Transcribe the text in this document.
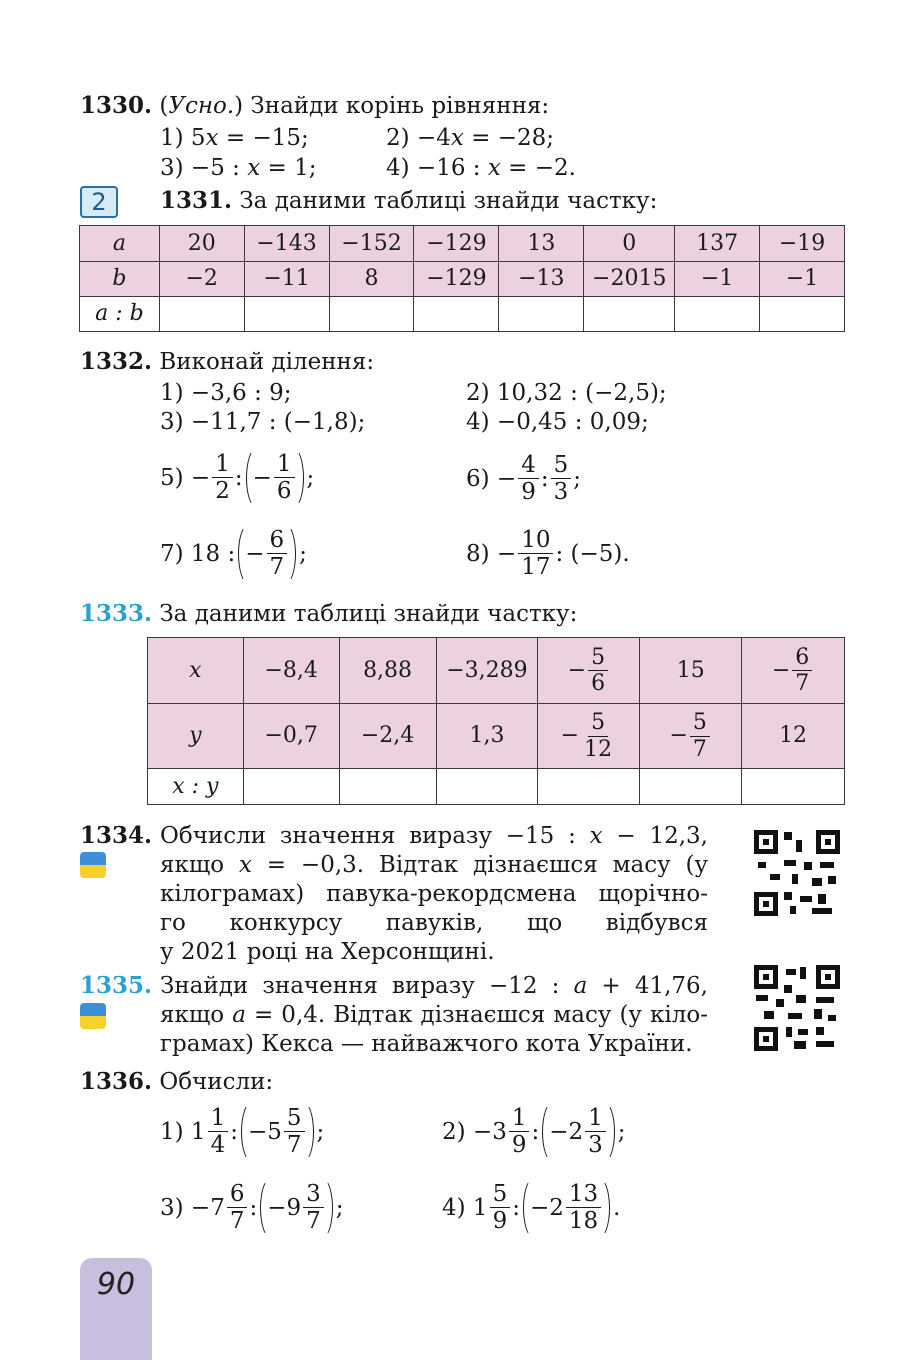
1330. (Усно.) Знайди корінь рівняння:
1) 5x = −15;	2) −4x = −28;
3) −5 : x = 1;	4) −16 : x = −2.
2	1331. За даними таблиці знайди частку:
a	20	−143	−152	−129	13	0	137	−19
b	−2	−11	8	−129	−13	−2015	−1	−1
a : b								
1332. Виконай ділення:
1) −3,6 : 9;	2) 10,32 : (−2,5);
3) −11,7 : (−1,8);	4) −0,45 : 0,09;
$5) - \frac{1}{2}$ : − $\frac{1}{6}$ ;	$6) - \frac{4}{9}$ : $\frac{5}{3}$ ;
7) 18 : − $\frac{6}{7}$ ;	$8) - \frac{10}{17}$ : (−5).
1333. За даними таблиці знайди частку:
x	−8,4	8,88	−3,289	− $\frac{5}{6}$	15	− $\frac{6}{7}$

y	−0,7	−2,4	1,3	− $\frac{5}{12}$	− $\frac{5}{7}$	12
x : y						
1334. Обчисли значення виразу −15 : x − 12,3,
якщо x = −0,3. Відтак дізнаєшся масу (у
кілограмах) павука-рекордсмена щорічно-
го конкурсу павуків, що відбувся
у 2021 році на Херсонщині.
1335. Знайди значення виразу −12 : a + 41,76,
якщо a = 0,4. Відтак дізнаєшся масу (у кіло-
грамах) Кекса — найважчого кота України.
1336. Обчисли:
1) $1 \frac{1}{4}$ : $-5 \frac{5}{7}$ ;	$2) -3 \frac{1}{9}$ : $-2 \frac{1}{3}$ ;
$3) -7 \frac{6}{7}$ : $-9 \frac{3}{7}$ ;	4) $1 \frac{5}{9}$ : $-2 \frac{13}{18}$ .
90
